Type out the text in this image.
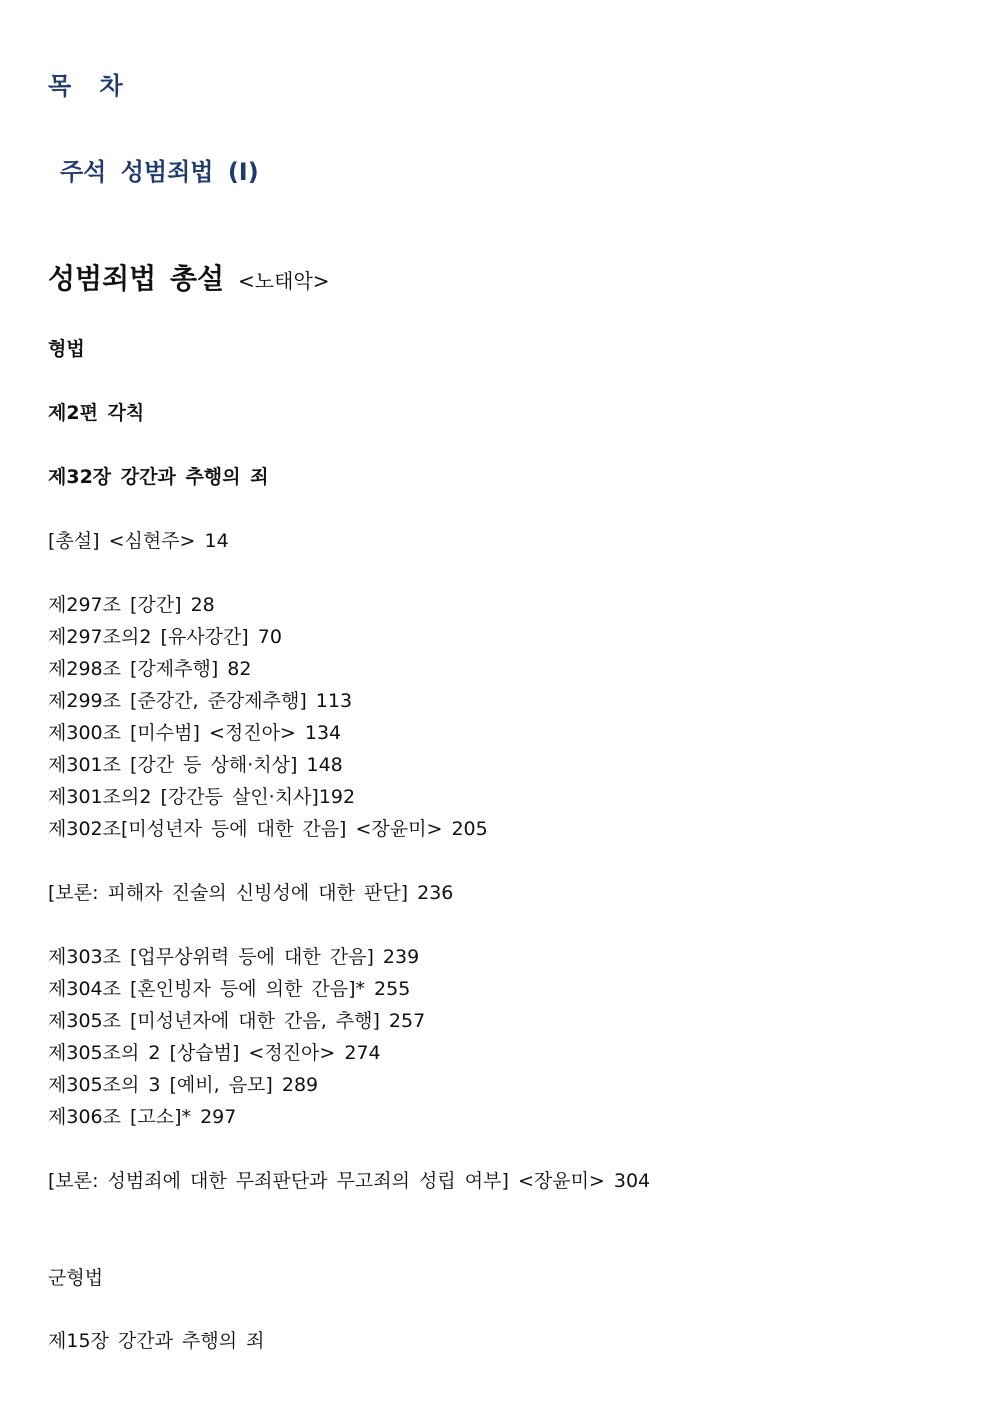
목 차
주석 성범죄법 (Ⅰ)
성범죄법 총설 <노태악>

형법

제2편 각칙

제32장 강간과 추행의 죄

[총설] <심현주> 14

제297조 [강간] 28
제297조의2 [유사강간] 70
제298조 [강제추행] 82
제299조 [준강간, 준강제추행] 113
제300조 [미수범] <정진아> 134
제301조 [강간 등 상해·치상] 148
제301조의2 [강간등 살인·치사]192
제302조[미성년자 등에 대한 간음] <장윤미> 205

[보론: 피해자 진술의 신빙성에 대한 판단] 236

제303조 [업무상위력 등에 대한 간음] 239
제304조 [혼인빙자 등에 의한 간음]* 255
제305조 [미성년자에 대한 간음, 추행] 257
제305조의 2 [상습범] <정진아> 274
제305조의 3 [예비, 음모] 289
제306조 [고소]* 297

[보론: 성범죄에 대한 무죄판단과 무고죄의 성립 여부] <장윤미> 304

군형법

제15장 강간과 추행의 죄
